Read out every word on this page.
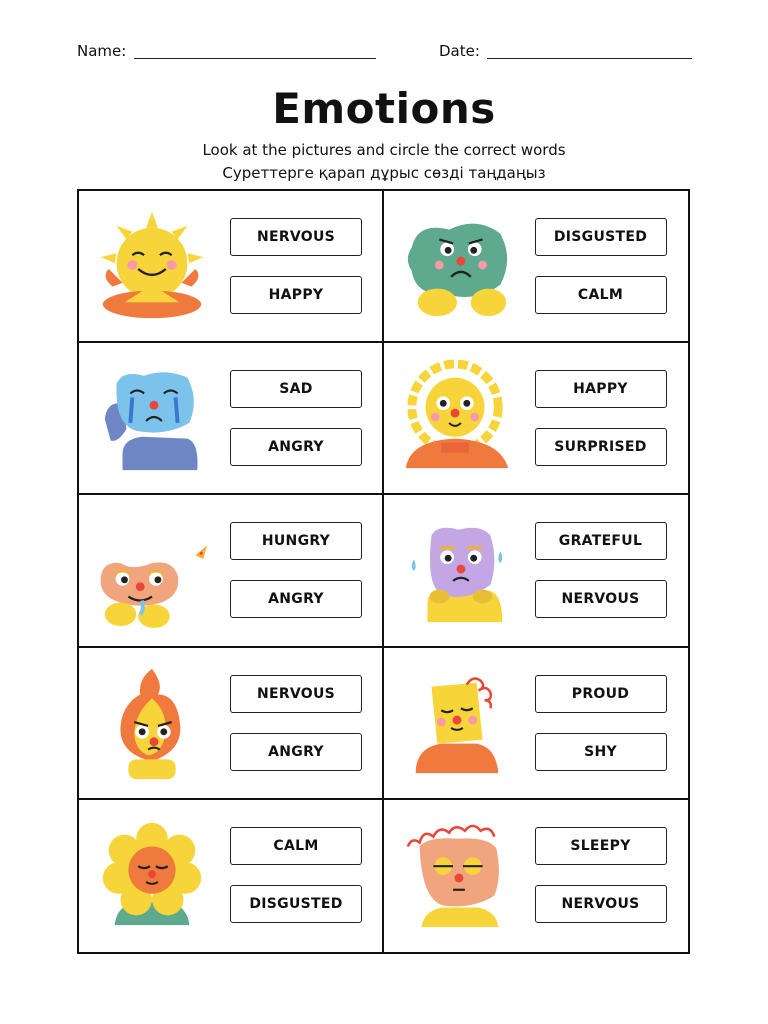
Name:	Date:
Emotions
Look at the pictures and circle the correct words
Суреттерге қарап дұрыс сөзді таңдаңыз
NERVOUS
HAPPY
DISGUSTED
CALM
SAD
ANGRY
HAPPY
SURPRISED
HUNGRY
ANGRY
GRATEFUL
NERVOUS
NERVOUS
ANGRY
PROUD
SHY
CALM
DISGUSTED
SLEEPY
NERVOUS
